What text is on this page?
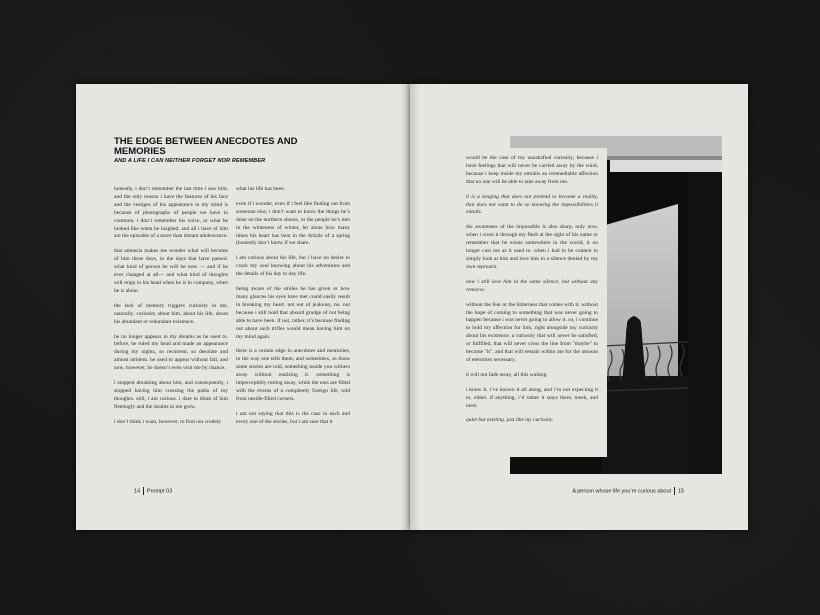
THE EDGE BETWEEN ANECDOTES AND MEMORIES
AND A LIFE I CAN NEITHER FORGET NOR REMEMBER

honestly, i don’t remember the last time i saw him, and the only reason i have the features of his face and the vestiges of his appearance in my mind is because of photographs of people we have in common. i don’t remember his voice, or what he looked like when he laughed, and all i have of him are the episodes of a more than distant adolescence.

that amnesia makes me wonder what will become of him these days, in the days that have passed. what kind of person he will be now — and if he ever changed at all— and what kind of thoughts will reign in his head when he is in company, when he is alone.

the lack of memory triggers curiosity in me, naturally. curiosity about him, about his life, about his abundant or redundant existence.

he no longer appears in my dreams as he used to. before, he ruled my head and made an appearance during my nights, so recurrent, so desolate and almost strident. he used to appear without fail, and now, however, he doesn’t even visit me by chance.

i stopped dreaming about him, and consequently, i stopped having him crossing the paths of my thoughts. still, i am curious. i dare to think of him fleetingly and the doubts in me grow.

i don’t think i want, however, to find out crudely

what his life has been.

even if i wonder, even if i feel like finding out from someone else; i don’t want to know the things he’s done on the northern shores, or the people he’s met in the whiteness of winter, let alone how many times his heart has beat in the drizzle of a spring (honestly don’t know if we share.

i am curious about his life, but i have no desire to crack my soul knowing about his adventures and the details of his day to day life.

being aware of the smiles he has given or how many glances his eyes have met could easily result in breaking my heart. not out of jealousy, no. not because i still hold that absurd grudge of not being able to have been. if not, rather, it’s because finding out about such trifles would mean having him on my mind again.

there is a certain edge in anecdotes and memories, in the way one tells them, and sometimes, as those same stories are told, something inside you withers away without realizing it. something is imperceptibly rotting away, while the ears are filled with the events of a completely foreign life, told from needle-filled corners.

i am not saying that this is the case in each and every one of the stories, but i am sure that it

14 Prompt 03

would be the case of my unsatisfied curiosity, because i have feelings that will never be carried away by the wind, because i keep inside my entrails an irremediable affection that no one will be able to take away from me.

it is a longing that does not pretend to become a reality, that does not want to do so knowing the impossibilities it entails.

the awareness of the impossible is also sharp, only now, when i cross it through my flesh at the sight of his name or remember that he exists somewhere in the world, it no longer cuts me as it used to. when i had to be content to simply look at him and love him in a silence denied by my own reproach.

now i still love him in the same silence, but without any remorse.

without the fear or the bitterness that comes with it. without the hope of coming to something that was never going to happen because i was never going to allow it. so, i continue to hold my affection for him, right alongside my curiosity about his existence. a curiosity that will never be satisfied, or fulfilled, that will never cross the line from "maybe" to become "it", and that will remain within me for the amount of eternities necessary.

it will not fade away, all this waiting.

i know it. i’ve known it all along, and i’m not expecting it to, either. if anything, i’d rather it stays there, meek, and inert.

quiet but existing. just like my curiosity.

A person whose life you’re curious about 15
